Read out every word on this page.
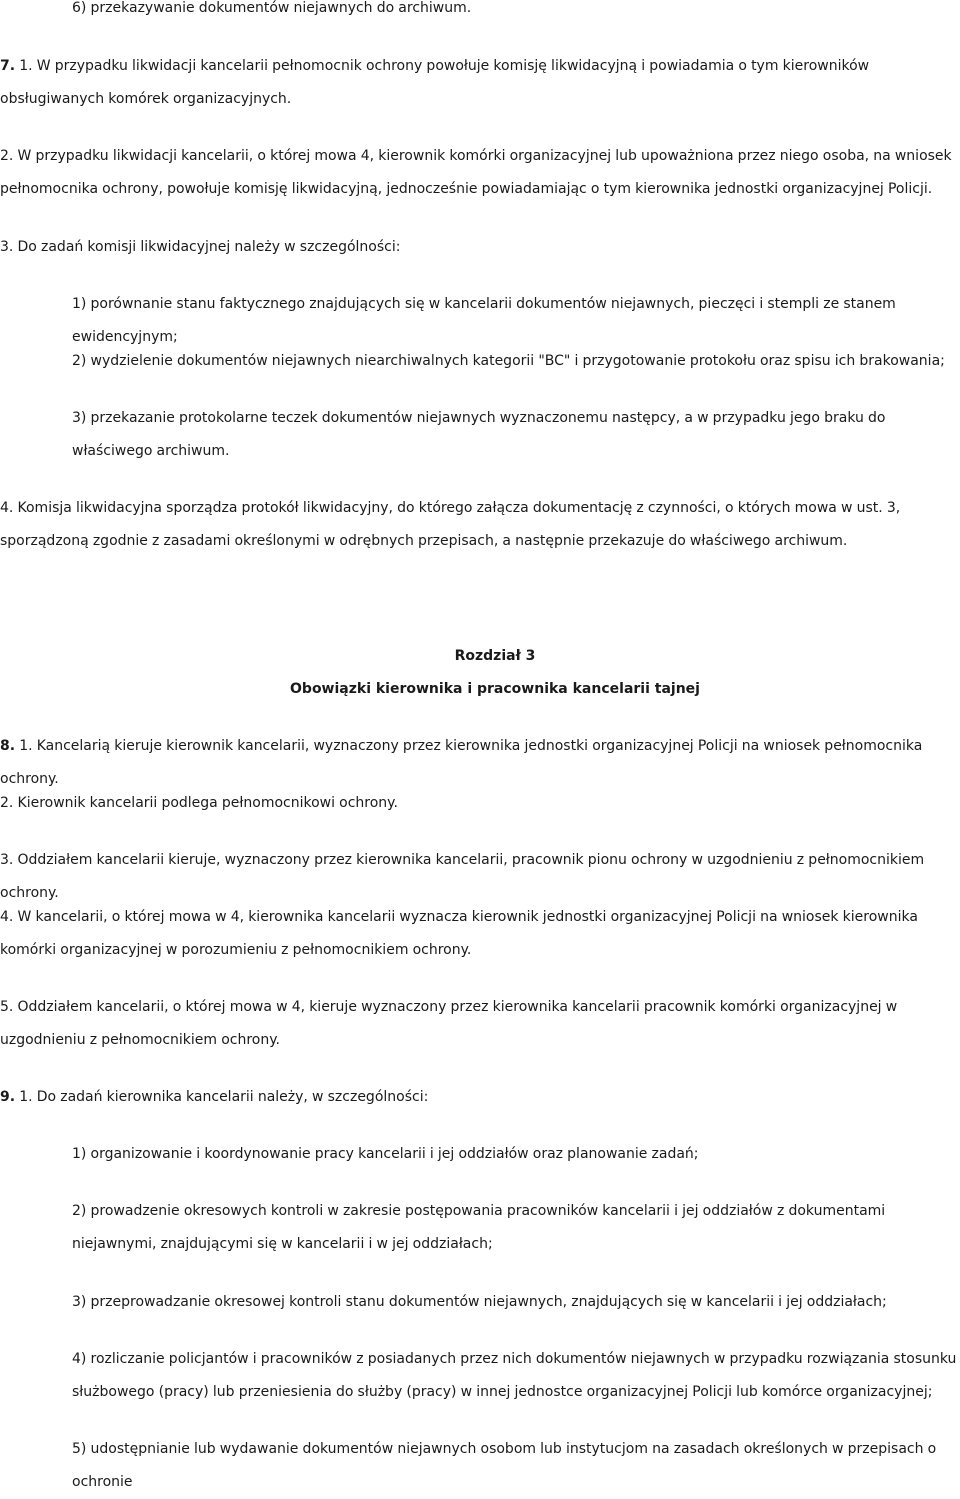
6) przekazywanie dokumentów niejawnych do archiwum.

7. 1. W przypadku likwidacji kancelarii pełnomocnik ochrony powołuje komisję likwidacyjną i powiadamia o tym kierowników obsługiwanych komórek organizacyjnych.

2. W przypadku likwidacji kancelarii, o której mowa 4, kierownik komórki organizacyjnej lub upoważniona przez niego osoba, na wniosek pełnomocnika ochrony, powołuje komisję likwidacyjną, jednocześnie powiadamiając o tym kierownika jednostki organizacyjnej Policji.

3. Do zadań komisji likwidacyjnej należy w szczególności:

1) porównanie stanu faktycznego znajdujących się w kancelarii dokumentów niejawnych, pieczęci i stempli ze stanem ewidencyjnym;

2) wydzielenie dokumentów niejawnych niearchiwalnych kategorii "BC" i przygotowanie protokołu oraz spisu ich brakowania;

3) przekazanie protokolarne teczek dokumentów niejawnych wyznaczonemu następcy, a w przypadku jego braku do właściwego archiwum.

4. Komisja likwidacyjna sporządza protokół likwidacyjny, do którego załącza dokumentację z czynności, o których mowa w ust. 3, sporządzoną zgodnie z zasadami określonymi w odrębnych przepisach, a następnie przekazuje do właściwego archiwum.

Rozdział 3
Obowiązki kierownika i pracownika kancelarii tajnej

8. 1. Kancelarią kieruje kierownik kancelarii, wyznaczony przez kierownika jednostki organizacyjnej Policji na wniosek pełnomocnika ochrony.

2. Kierownik kancelarii podlega pełnomocnikowi ochrony.

3. Oddziałem kancelarii kieruje, wyznaczony przez kierownika kancelarii, pracownik pionu ochrony w uzgodnieniu z pełnomocnikiem ochrony.

4. W kancelarii, o której mowa w 4, kierownika kancelarii wyznacza kierownik jednostki organizacyjnej Policji na wniosek kierownika komórki organizacyjnej w porozumieniu z pełnomocnikiem ochrony.

5. Oddziałem kancelarii, o której mowa w 4, kieruje wyznaczony przez kierownika kancelarii pracownik komórki organizacyjnej w uzgodnieniu z pełnomocnikiem ochrony.

9. 1. Do zadań kierownika kancelarii należy, w szczególności:

1) organizowanie i koordynowanie pracy kancelarii i jej oddziałów oraz planowanie zadań;

2) prowadzenie okresowych kontroli w zakresie postępowania pracowników kancelarii i jej oddziałów z dokumentami niejawnymi, znajdującymi się w kancelarii i w jej oddziałach;

3) przeprowadzanie okresowej kontroli stanu dokumentów niejawnych, znajdujących się w kancelarii i jej oddziałach;

4) rozliczanie policjantów i pracowników z posiadanych przez nich dokumentów niejawnych w przypadku rozwiązania stosunku służbowego (pracy) lub przeniesienia do służby (pracy) w innej jednostce organizacyjnej Policji lub komórce organizacyjnej;

5) udostępnianie lub wydawanie dokumentów niejawnych osobom lub instytucjom na zasadach określonych w przepisach o ochronie
